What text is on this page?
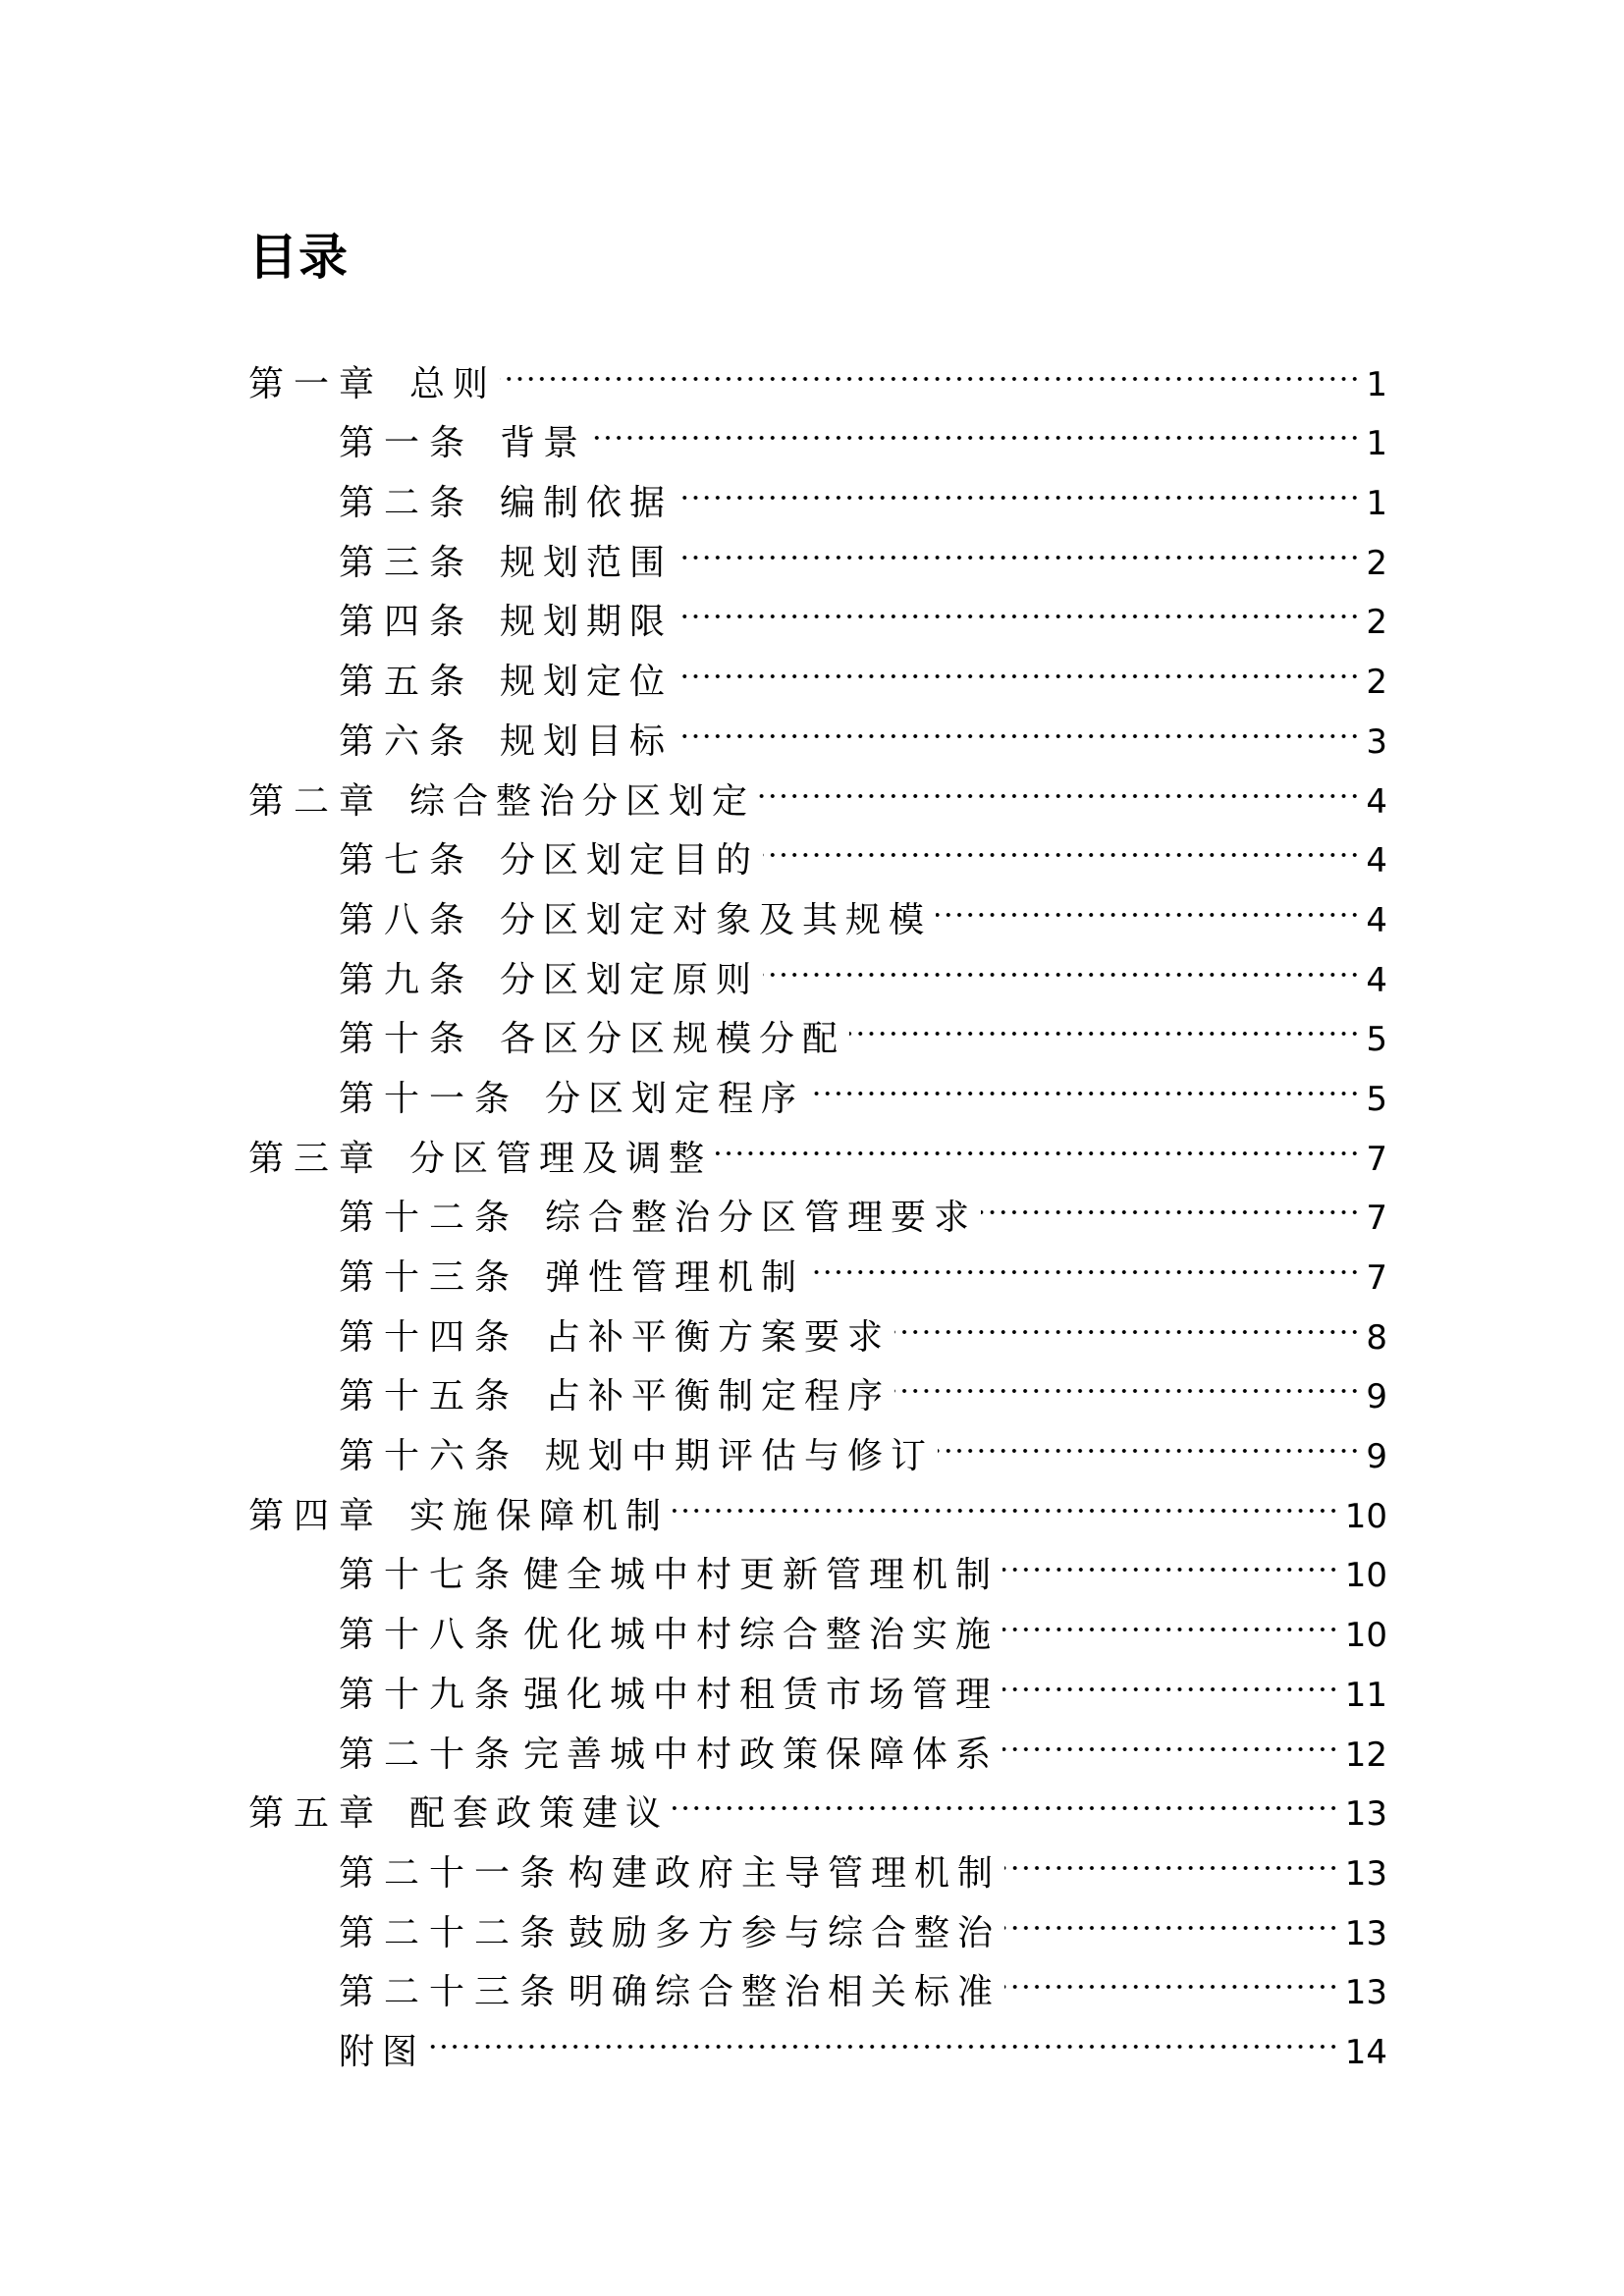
目录
第一章 总则	1
第一条 背景	1
第二条 编制依据	1
第三条 规划范围	2
第四条 规划期限	2
第五条 规划定位	2
第六条 规划目标	3
第二章 综合整治分区划定	4
第七条 分区划定目的	4
第八条 分区划定对象及其规模	4
第九条 分区划定原则	4
第十条 各区分区规模分配	5
第十一条 分区划定程序	5
第三章 分区管理及调整	7
第十二条 综合整治分区管理要求	7
第十三条 弹性管理机制	7
第十四条 占补平衡方案要求	8
第十五条 占补平衡制定程序	9
第十六条 规划中期评估与修订	9
第四章 实施保障机制	10
第十七条 健全城中村更新管理机制	10
第十八条 优化城中村综合整治实施	10
第十九条 强化城中村租赁市场管理	11
第二十条 完善城中村政策保障体系	12
第五章 配套政策建议	13
第二十一条 构建政府主导管理机制	13
第二十二条 鼓励多方参与综合整治	13
第二十三条 明确综合整治相关标准	13
附图	14
